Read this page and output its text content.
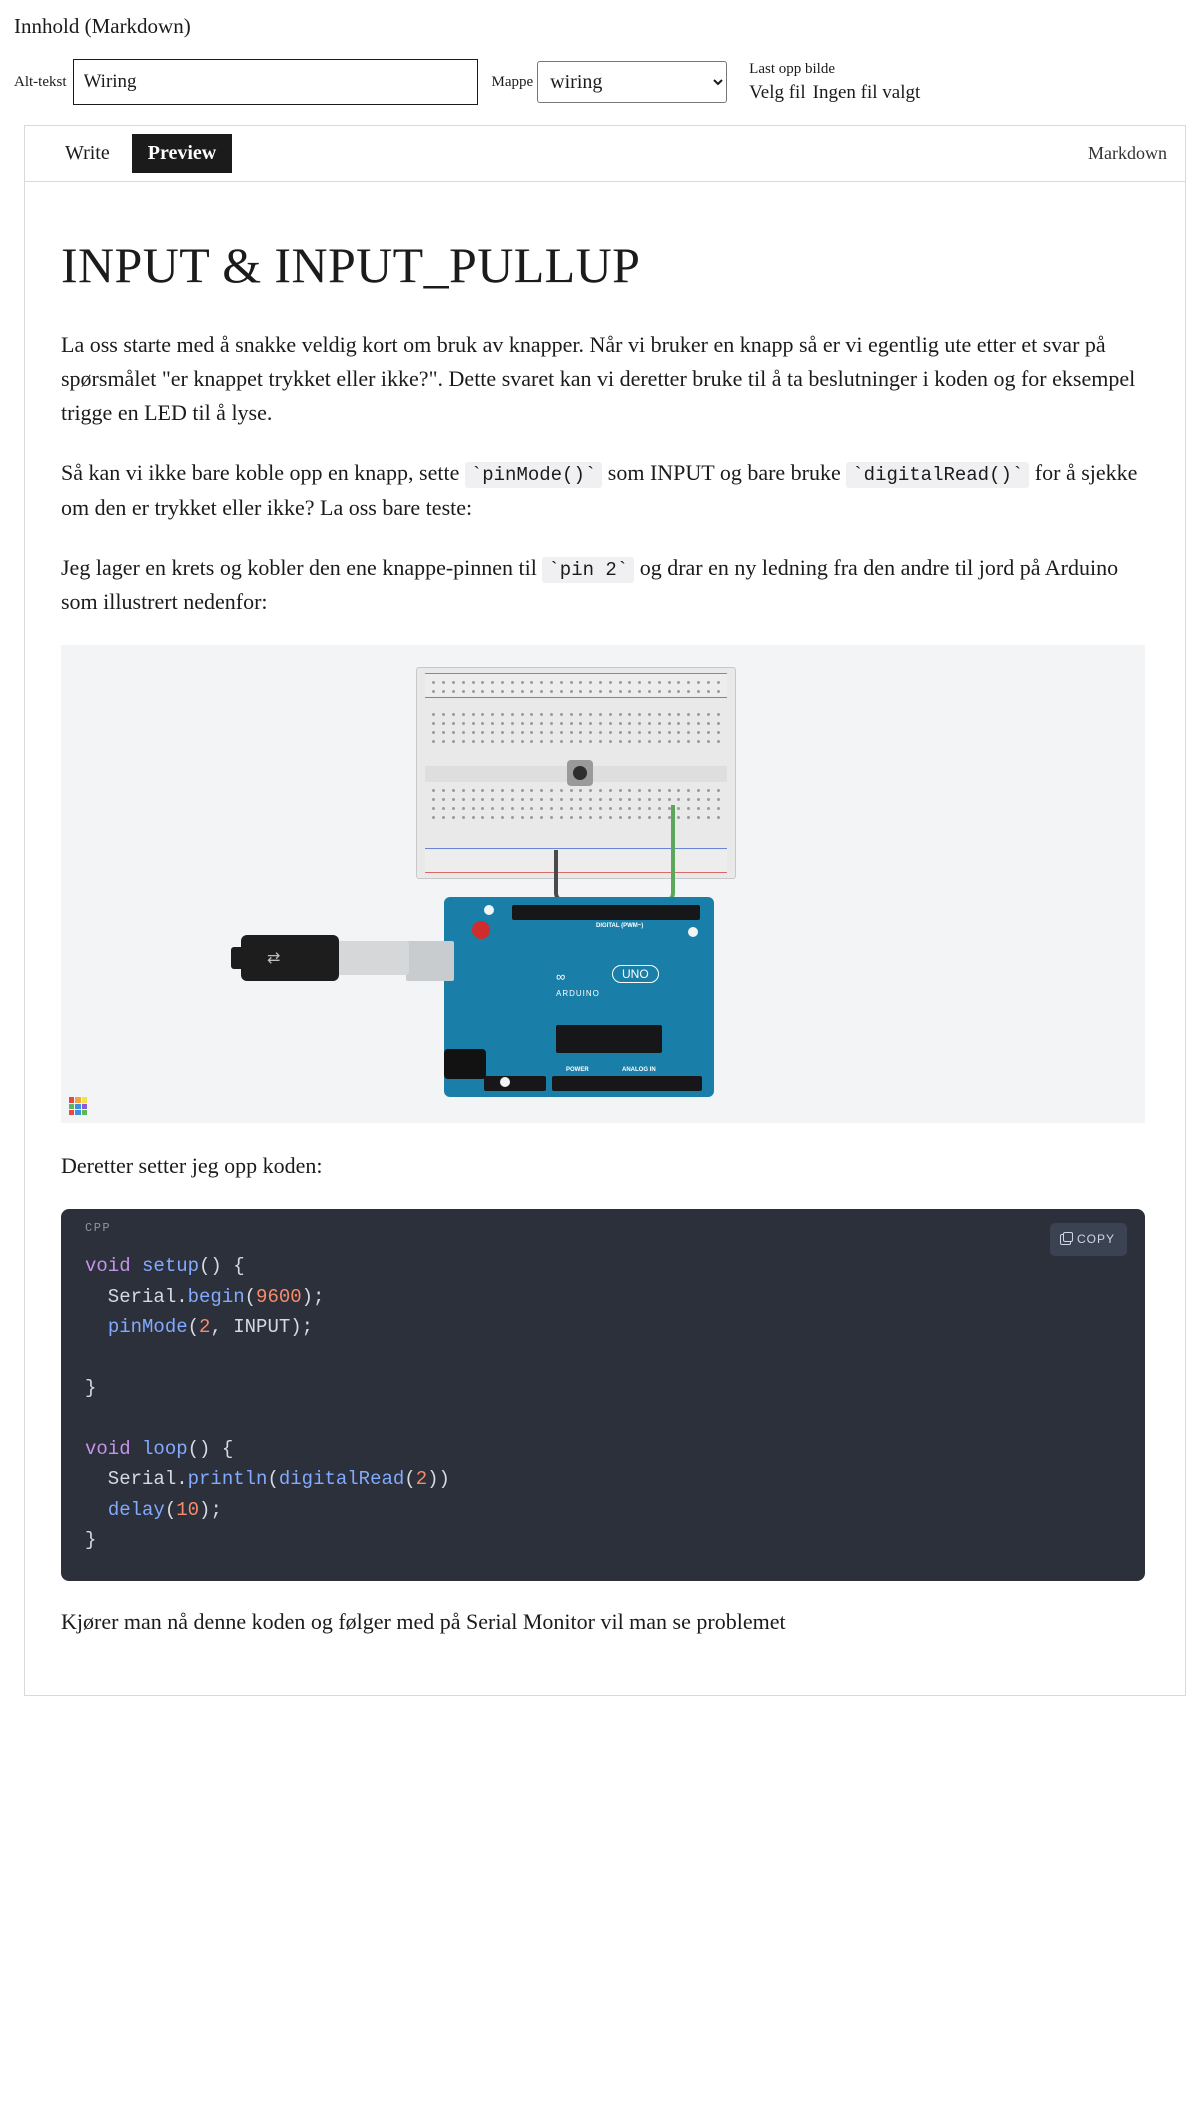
Innhold (Markdown)
Alt-tekst
Wiring	Mappe
wiring
Last opp bilde
Velg fil Ingen fil valgt
Write	Preview	Markdown
INPUT & INPUT_PULLUP

La oss starte med å snakke veldig kort om bruk av knapper. Når vi bruker en knapp så er vi egentlig ute etter et svar på spørsmålet "er knappet trykket eller ikke?". Dette svaret kan vi deretter bruke til å ta beslutninger i koden og for eksempel trigge en LED til å lyse.

Så kan vi ikke bare koble opp en knapp, sette `pinMode()` som INPUT og bare bruke `digitalRead()` for å sjekke om den er trykket eller ikke? La oss bare teste:

Jeg lager en krets og kobler den ene knappe-pinnen til `pin 2` og drar en ny ledning fra den andre til jord på Arduino som illustrert nedenfor:

DIGITAL (PWM~)
ANALOG IN
POWER
∞	UNO
ARDUINO
⇄

Deretter setter jeg opp koden:

CPP
COPY
void setup() {
Serial.begin(9600);
pinMode(2, INPUT);

}

void loop() {
Serial.println(digitalRead(2))
delay(10);
}

Kjører man nå denne koden og følger med på Serial Monitor vil man se problemet
